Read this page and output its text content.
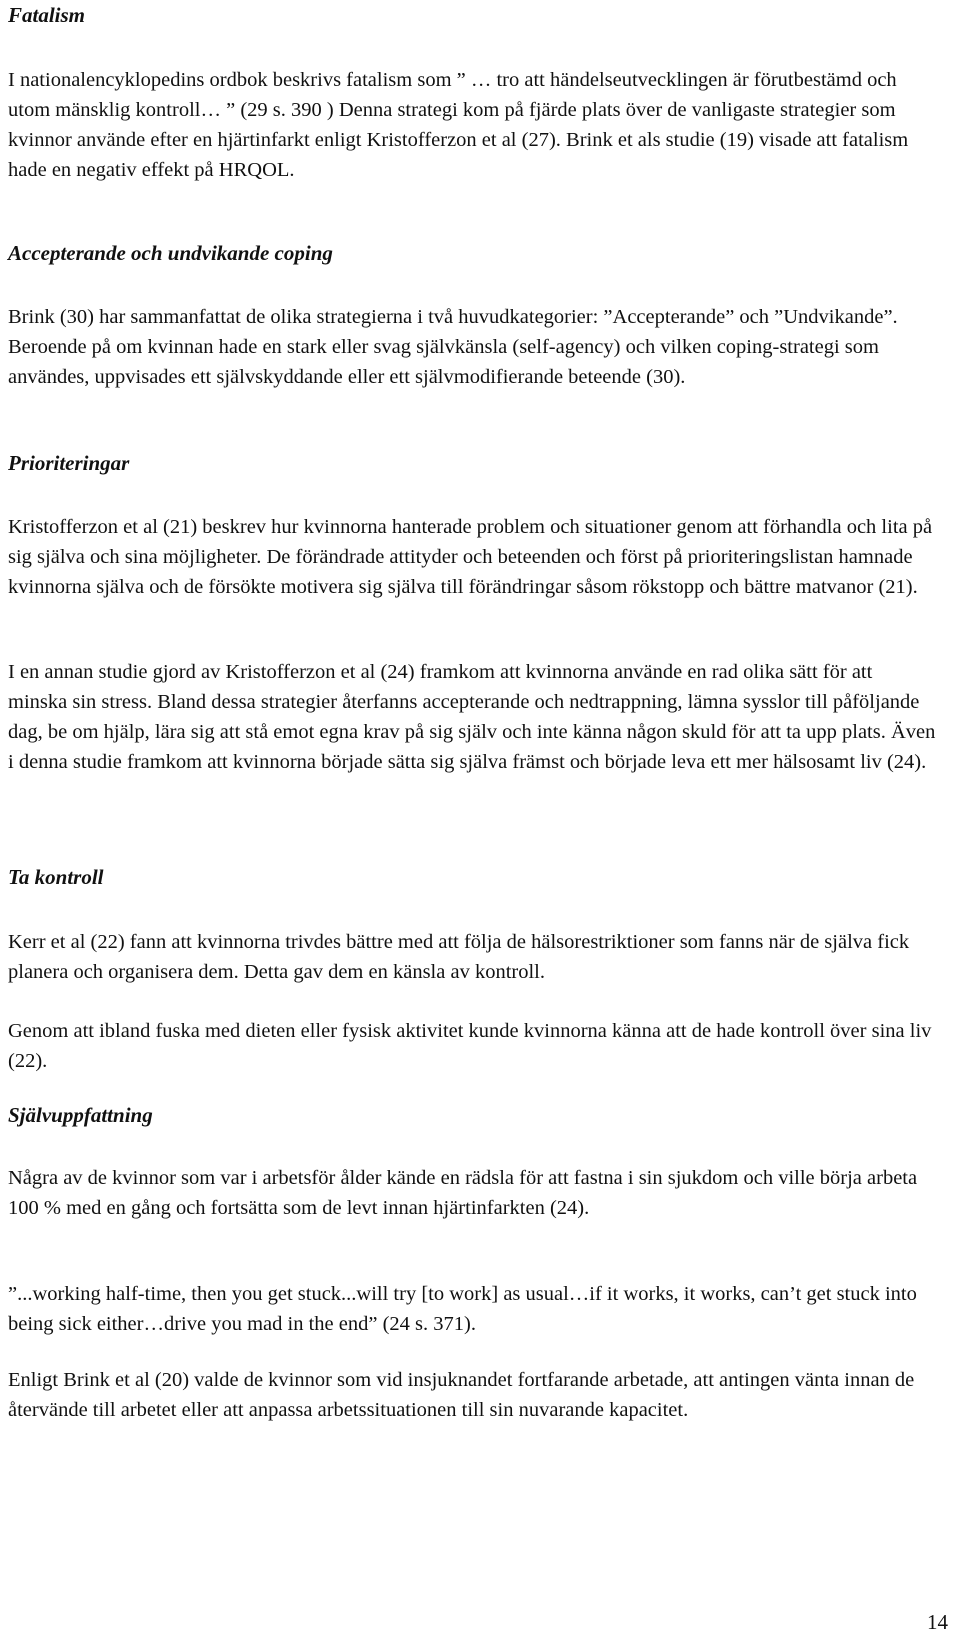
Fatalism

I nationalencyklopedins ordbok beskrivs fatalism som ” … tro att händelseutvecklingen är förutbestämd och utom mänsklig kontroll… ” (29 s. 390 ) Denna strategi kom på fjärde plats över de vanligaste strategier som kvinnor använde efter en hjärtinfarkt enligt Kristofferzon et al (27). Brink et als studie (19) visade att fatalism hade en negativ effekt på HRQOL.

Accepterande och undvikande coping

Brink (30) har sammanfattat de olika strategierna i två huvudkategorier: ”Accepterande” och ”Undvikande”. Beroende på om kvinnan hade en stark eller svag självkänsla (self-agency) och vilken coping-strategi som användes, uppvisades ett självskyddande eller ett självmodifierande beteende (30).

Prioriteringar

Kristofferzon et al (21) beskrev hur kvinnorna hanterade problem och situationer genom att förhandla och lita på sig själva och sina möjligheter. De förändrade attityder och beteenden och först på prioriteringslistan hamnade kvinnorna själva och de försökte motivera sig själva till förändringar såsom rökstopp och bättre matvanor (21).

I en annan studie gjord av Kristofferzon et al (24) framkom att kvinnorna använde en rad olika sätt för att minska sin stress. Bland dessa strategier återfanns accepterande och nedtrappning, lämna sysslor till påföljande dag, be om hjälp, lära sig att stå emot egna krav på sig själv och inte känna någon skuld för att ta upp plats. Även i denna studie framkom att kvinnorna började sätta sig själva främst och började leva ett mer hälsosamt liv (24).

Ta kontroll

Kerr et al (22) fann att kvinnorna trivdes bättre med att följa de hälsorestriktioner som fanns när de själva fick planera och organisera dem. Detta gav dem en känsla av kontroll.

Genom att ibland fuska med dieten eller fysisk aktivitet kunde kvinnorna känna att de hade kontroll över sina liv (22).

Självuppfattning

Några av de kvinnor som var i arbetsför ålder kände en rädsla för att fastna i sin sjukdom och ville börja arbeta 100 % med en gång och fortsätta som de levt innan hjärtinfarkten (24).

”...working half-time, then you get stuck...will try [to work] as usual…if it works, it works, can’t get stuck into being sick either…drive you mad in the end” (24 s. 371).

Enligt Brink et al (20) valde de kvinnor som vid insjuknandet fortfarande arbetade, att antingen vänta innan de återvände till arbetet eller att anpassa arbetssituationen till sin nuvarande kapacitet.

14
